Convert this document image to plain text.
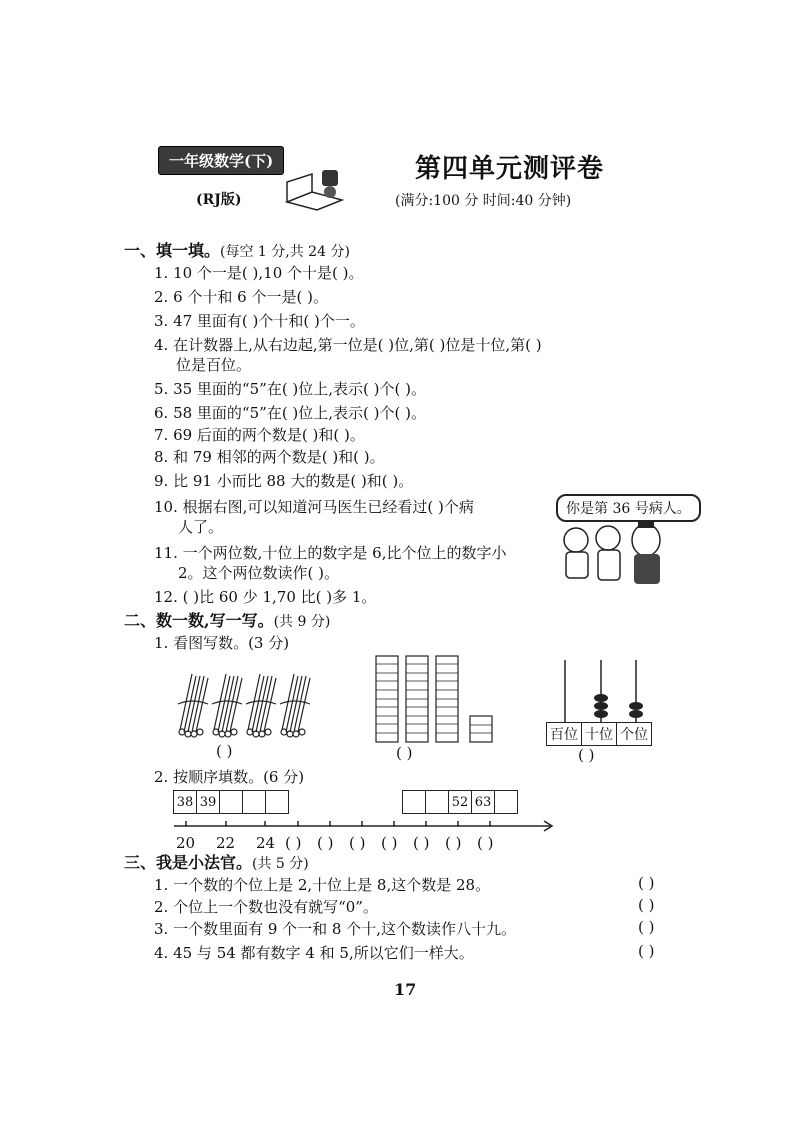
一年级数学(下)
(RJ版)
第四单元测评卷
(满分:100 分 时间:40 分钟)
一、填一填。(每空 1 分,共 24 分)
1. 10 个一是( ),10 个十是( )。
2. 6 个十和 6 个一是( )。
3. 47 里面有( )个十和( )个一。
4. 在计数器上,从右边起,第一位是( )位,第( )位是十位,第( )
位是百位。
5. 35 里面的“5”在( )位上,表示( )个( )。
6. 58 里面的“5”在( )位上,表示( )个( )。
7. 69 后面的两个数是( )和( )。
8. 和 79 相邻的两个数是( )和( )。
9. 比 91 小而比 88 大的数是( )和( )。
10. 根据右图,可以知道河马医生已经看过( )个病
人了。
11. 一个两位数,十位上的数字是 6,比个位上的数字小
2。这个两位数读作( )。
12. ( )比 60 少 1,70 比( )多 1。
你是第 36 号病人。
二、数一数,写一写。(共 9 分)
1. 看图写数。(3 分)
( )	( )
百位 十位 个位
( )
2. 按顺序填数。(6 分)
38 39	52 63
20 22 24 ( ) ( ) ( ) ( ) ( ) ( ) ( )
三、我是小法官。(共 5 分)
1. 一个数的个位上是 2,十位上是 8,这个数是 28。
2. 个位上一个数也没有就写“0”。
3. 一个数里面有 9 个一和 8 个十,这个数读作八十九。
4. 45 与 54 都有数字 4 和 5,所以它们一样大。
( )
( )
( )
( )
17
